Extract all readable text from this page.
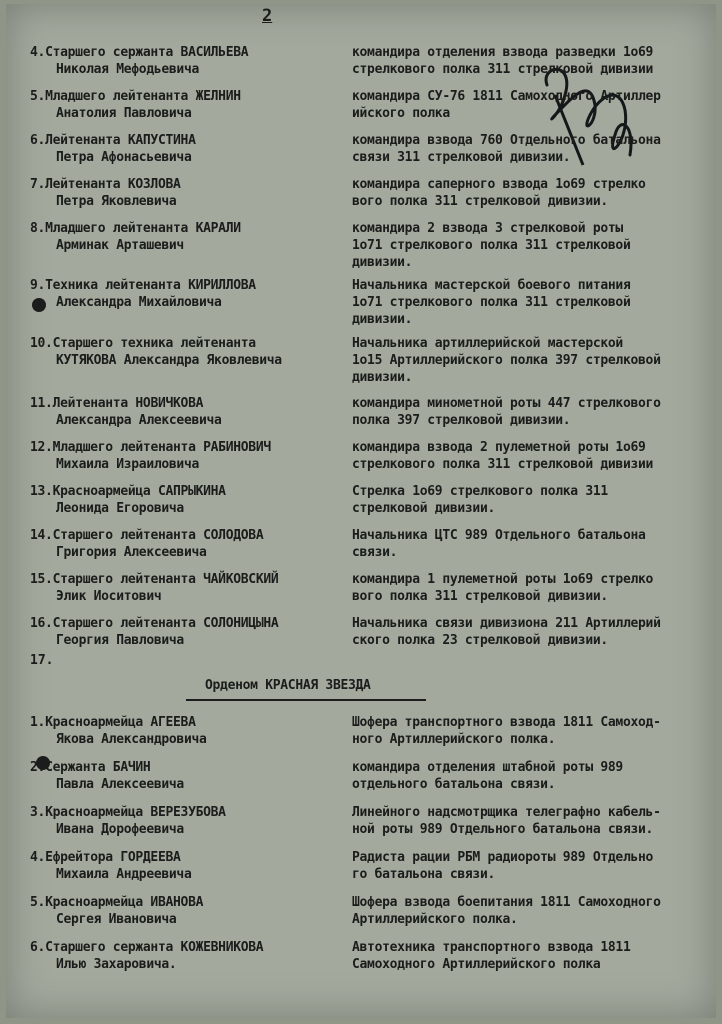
2
4.Старшего сержанта ВАСИЛЬЕВА
Николая Мефодьевича
командира отделения взвода разведки 1о69
стрелкового полка 311 стрелковой дивизии
5.Младшего лейтенанта ЖЕЛНИН
Анатолия Павловича
командира СУ-76 1811 Самоходного Артиллер
ийского полка
6.Лейтенанта КАПУСТИНА
Петра Афонасьевича
командира взвода 760 Отдельного батальона
связи 311 стрелковой дивизии.
7.Лейтенанта КОЗЛОВА
Петра Яковлевича
командира саперного взвода 1о69 стрелко
вого полка 311 стрелковой дивизии.
8.Младшего лейтенанта КАРАЛИ
Арминак Арташевич
командира 2 взвода 3 стрелковой роты
1о71 стрелкового полка 311 стрелковой
дивизии.
9.Техника лейтенанта КИРИЛЛОВА
Александра Михайловича
Начальника мастерской боевого питания
1о71 стрелкового полка 311 стрелковой
дивизии.
10.Старшего техника лейтенанта
КУТЯКОВА Александра Яковлевича
Начальника артиллерийской мастерской
1о15 Артиллерийского полка 397 стрелковой
дивизии.
11.Лейтенанта НОВИЧКОВА
Александра Алексеевича
командира минометной роты 447 стрелкового
полка 397 стрелковой дивизии.
12.Младшего лейтенанта РАБИНОВИЧ
Михаила Израиловича
командира взвода 2 пулеметной роты 1о69
стрелкового полка 311 стрелковой дивизии
13.Красноармейца САПРЫКИНА
Леонида Егоровича
Стрелка 1о69 стрелкового полка 311
стрелковой дивизии.
14.Старшего лейтенанта СОЛОДОВА
Григория Алексеевича
Начальника ЦТС 989 Отдельного батальона
связи.
15.Старшего лейтенанта ЧАЙКОВСКИЙ
Элик Иоситович
командира 1 пулеметной роты 1о69 стрелко
вого полка 311 стрелковой дивизии.
16.Старшего лейтенанта СОЛОНИЦЫНА
Георгия Павловича
Начальника связи дивизиона 211 Артиллерий
ского полка 23 стрелковой дивизии.
17.
Орденом КРАСНАЯ ЗВЕЗДА
1.Красноармейца АГЕЕВА
Якова Александровича
Шофера транспортного взвода 1811 Самоход-
ного Артиллерийского полка.
2.Сержанта БАЧИН
Павла Алексеевича
командира отделения штабной роты 989
отдельного батальона связи.
3.Красноармейца ВЕРЕЗУБОВА
Ивана Дорофеевича
Линейного надсмотрщика телеграфно кабель-
ной роты 989 Отдельного батальона связи.
4.Ефрейтора ГОРДЕЕВА
Михаила Андреевича
Радиста рации РБМ радиороты 989 Отдельно
го батальона связи.
5.Красноармейца ИВАНОВА
Сергея Ивановича
Шофера взвода боепитания 1811 Самоходного
Артиллерийского полка.
6.Старшего сержанта КОЖЕВНИКОВА
Илью Захаровича.
Автотехника транспортного взвода 1811
Самоходного Артиллерийского полка
